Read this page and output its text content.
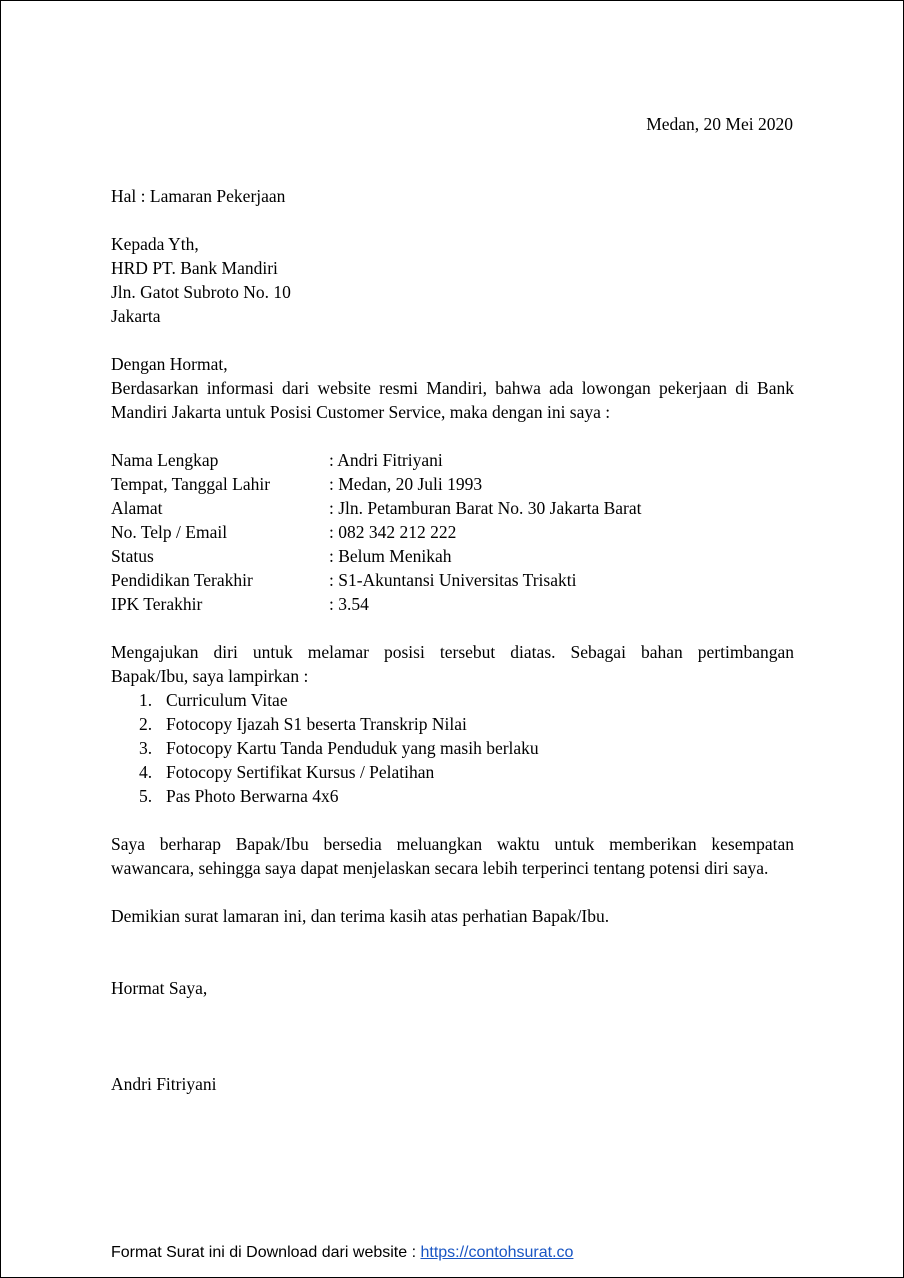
Medan, 20 Mei 2020
Hal : Lamaran Pekerjaan
Kepada Yth,
HRD PT. Bank Mandiri
Jln. Gatot Subroto No. 10
Jakarta
Dengan Hormat,
Berdasarkan informasi dari website resmi Mandiri, bahwa ada lowongan pekerjaan di Bank
Mandiri Jakarta untuk Posisi Customer Service, maka dengan ini saya :
Nama Lengkap	: Andri Fitriyani
Tempat, Tanggal Lahir	: Medan, 20 Juli 1993
Alamat	: Jln. Petamburan Barat No. 30 Jakarta Barat
No. Telp / Email	: 082 342 212 222
Status	: Belum Menikah
Pendidikan Terakhir	: S1-Akuntansi Universitas Trisakti
IPK Terakhir	: 3.54
Mengajukan diri untuk melamar posisi tersebut diatas. Sebagai bahan pertimbangan
Bapak/Ibu, saya lampirkan :
1. Curriculum Vitae
2. Fotocopy Ijazah S1 beserta Transkrip Nilai
3. Fotocopy Kartu Tanda Penduduk yang masih berlaku
4. Fotocopy Sertifikat Kursus / Pelatihan
5. Pas Photo Berwarna 4x6
Saya berharap Bapak/Ibu bersedia meluangkan waktu untuk memberikan kesempatan
wawancara, sehingga saya dapat menjelaskan secara lebih terperinci tentang potensi diri saya.
Demikian surat lamaran ini, dan terima kasih atas perhatian Bapak/Ibu.
Hormat Saya,
Andri Fitriyani
Format Surat ini di Download dari website : https://contohsurat.co
